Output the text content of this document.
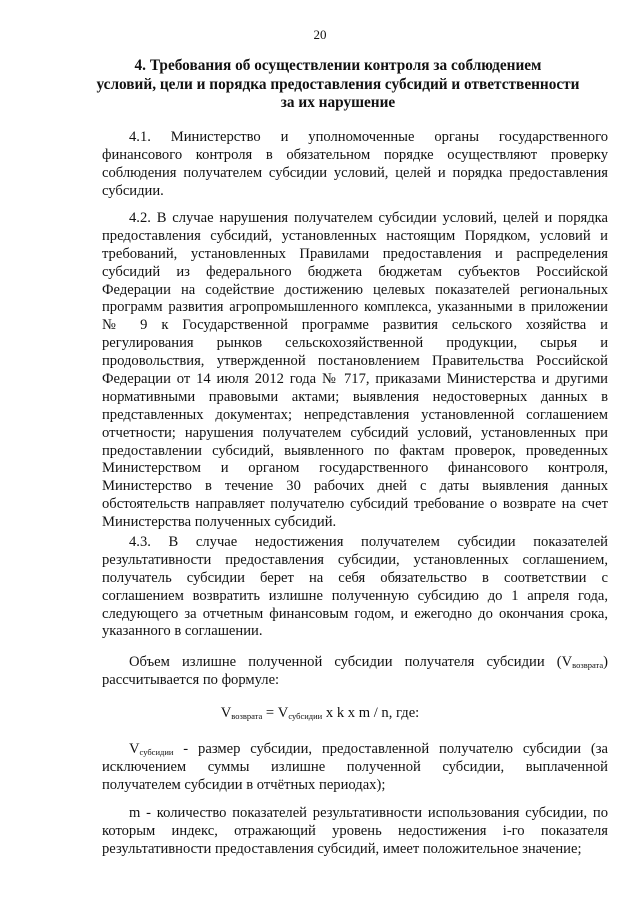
20
4. Требования об осуществлении контроля за соблюдением
условий, цели и порядка предоставления субсидий и ответственности
за их нарушение
4.1. Министерство и уполномоченные органы государственного
финансового контроля в обязательном порядке осуществляют проверку
соблюдения получателем субсидии условий, целей и порядка предоставления
субсидии.
4.2. В случае нарушения получателем субсидии условий, целей и порядка
предоставления субсидий, установленных настоящим Порядком, условий и
требований, установленных Правилами предоставления и распределения
субсидий из федерального бюджета бюджетам субъектов Российской
Федерации на содействие достижению целевых показателей региональных
программ развития агропромышленного комплекса, указанными в приложении
№ 9 к Государственной программе развития сельского хозяйства и
регулирования рынков сельскохозяйственной продукции, сырья и
продовольствия, утвержденной постановлением Правительства Российской
Федерации от 14 июля 2012 года № 717, приказами Министерства и другими
нормативными правовыми актами; выявления недостоверных данных в
представленных документах; непредставления установленной соглашением
отчетности; нарушения получателем субсидий условий, установленных при
предоставлении субсидий, выявленного по фактам проверок, проведенных
Министерством и органом государственного финансового контроля,
Министерство в течение 30 рабочих дней с даты выявления данных
обстоятельств направляет получателю субсидий требование о возврате на счет
Министерства полученных субсидий.
4.3. В случае недостижения получателем субсидии показателей
результативности предоставления субсидии, установленных соглашением,
получатель субсидии берет на себя обязательство в соответствии с
соглашением возвратить излишне полученную субсидию до 1 апреля года,
следующего за отчетным финансовым годом, и ежегодно до окончания срока,
указанного в соглашении.
Объем излишне полученной субсидии получателя субсидии $(V_{возврата})$
рассчитывается по формуле:
$V_{возврата} = V_{субсидии}$ x k x m / n, где:
$V_{субсидии}$ - размер субсидии, предоставленной получателю субсидии (за
исключением суммы излишне полученной субсидии, выплаченной
получателем субсидии в отчётных периодах);
m - количество показателей результативности использования субсидии, по
которым индекс, отражающий уровень недостижения i-го показателя
результативности предоставления субсидий, имеет положительное значение;
